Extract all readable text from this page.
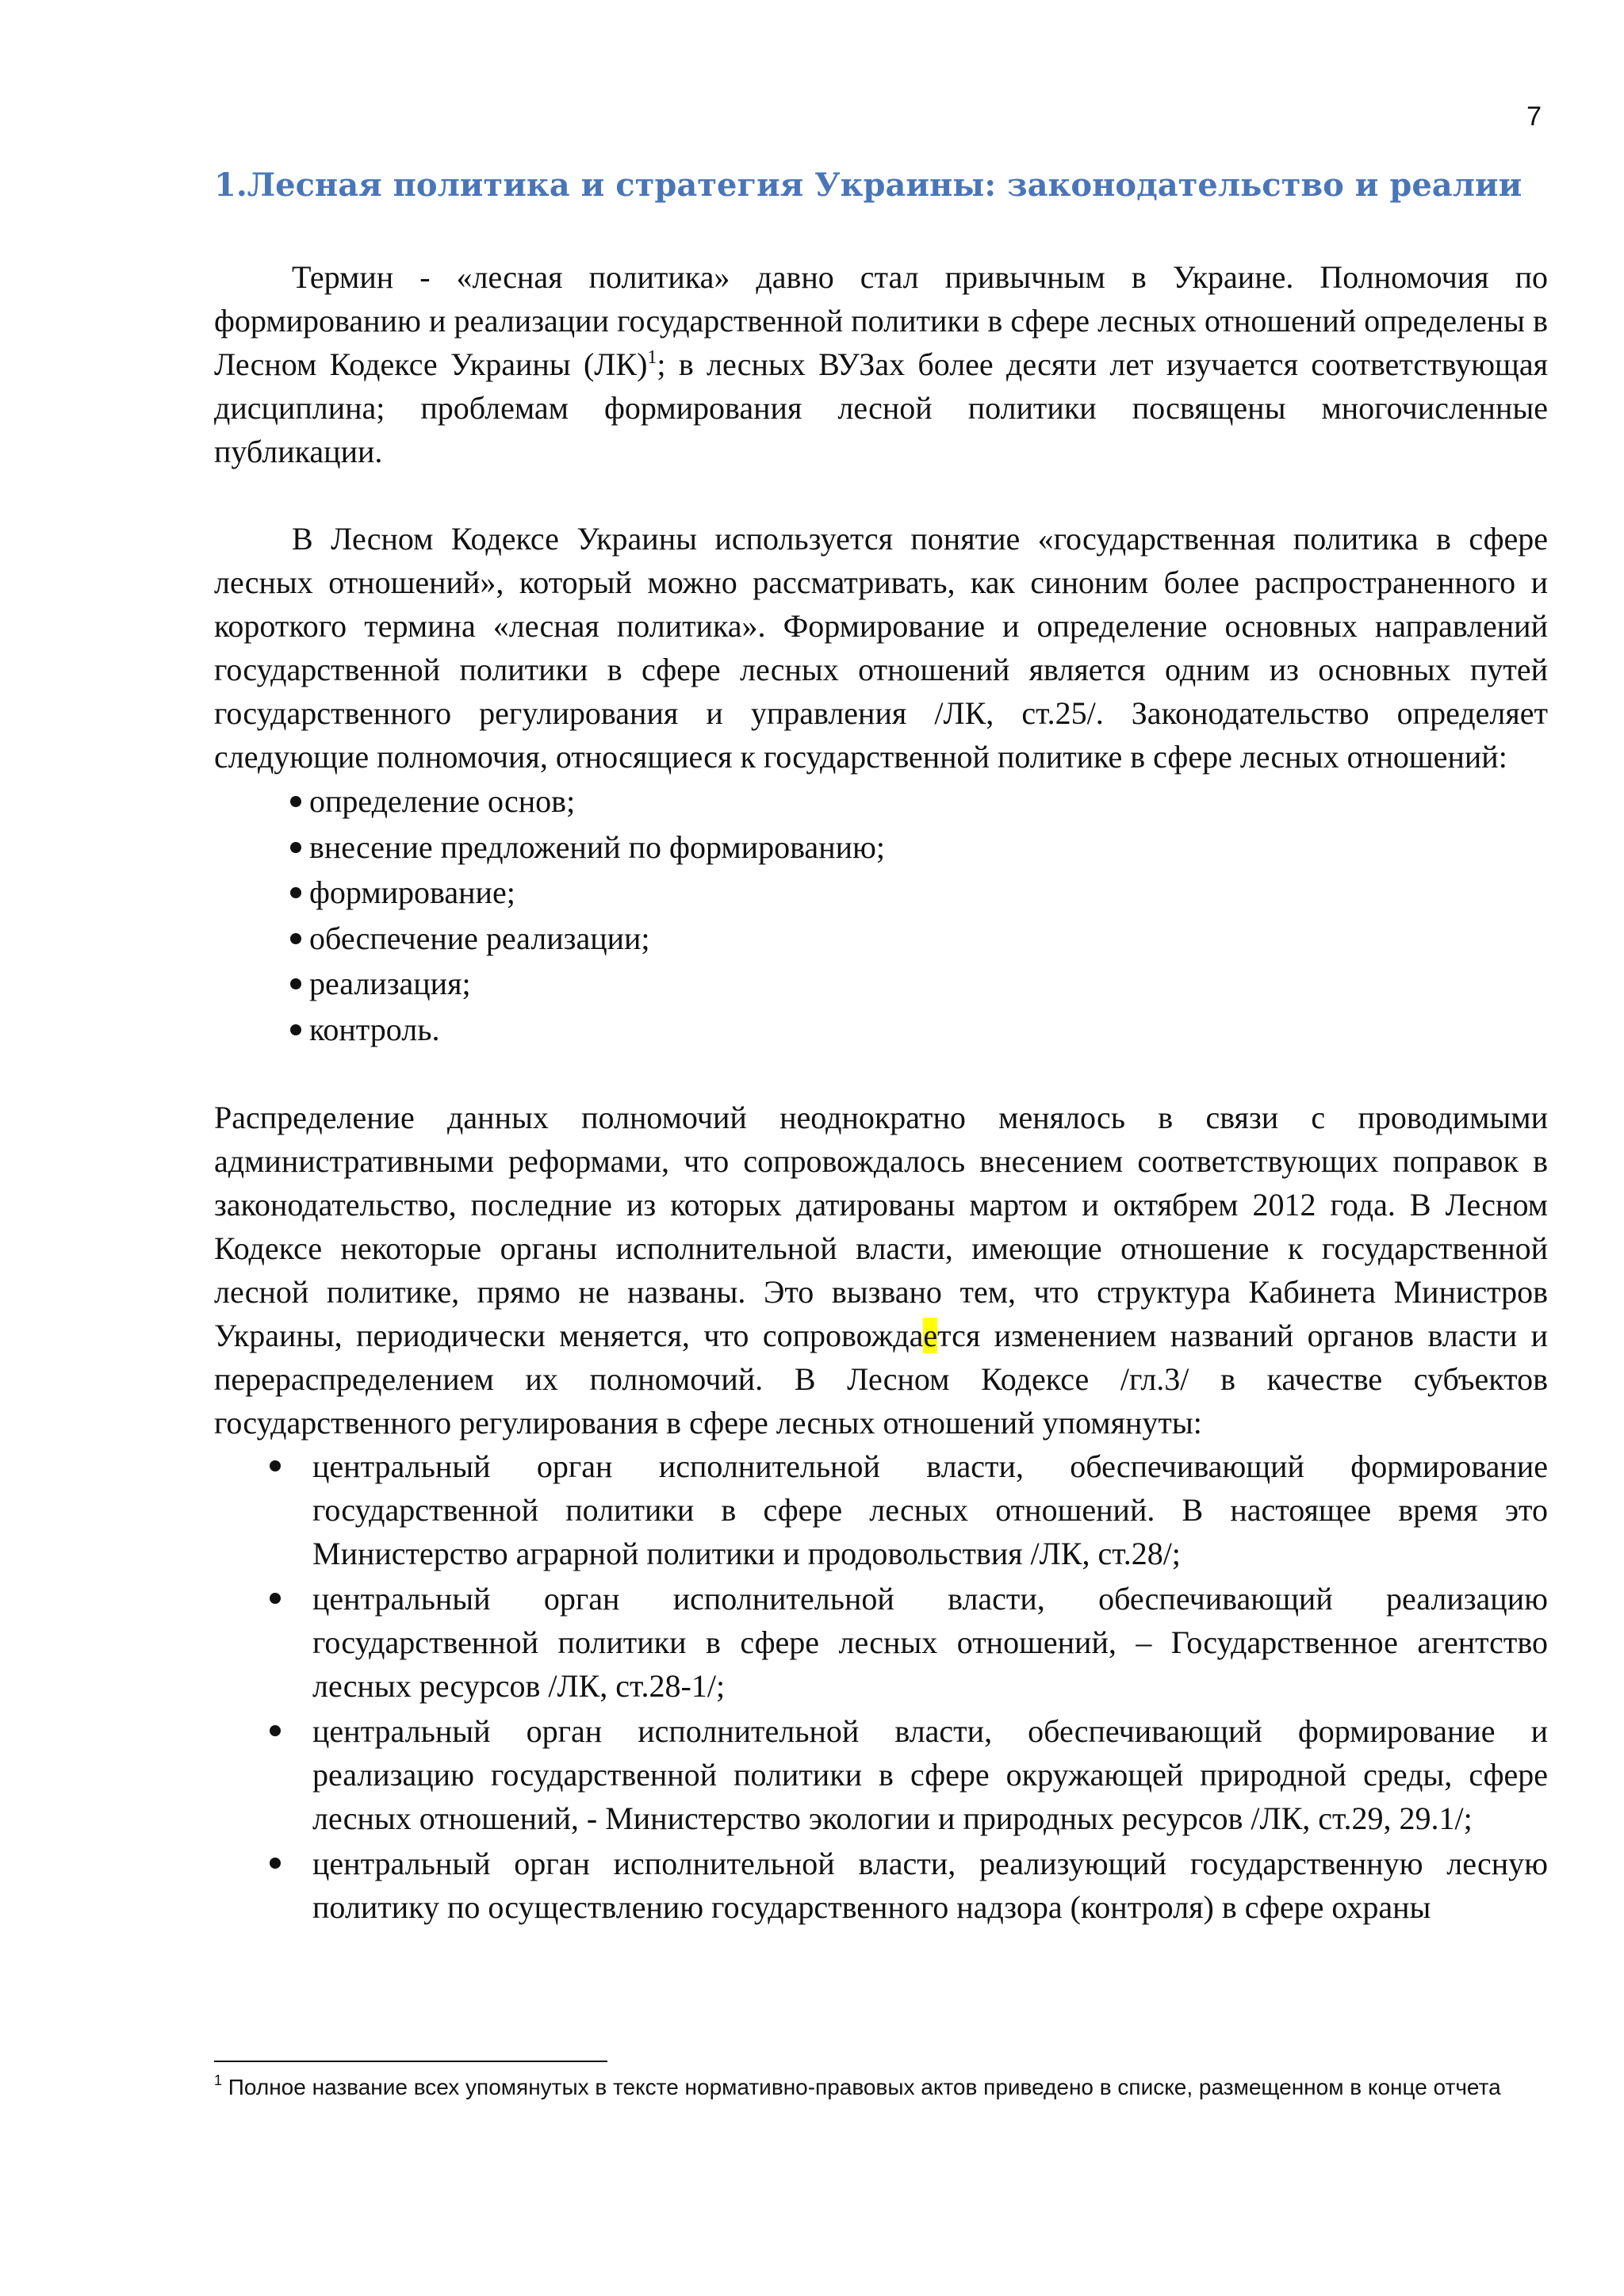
7
1.Лесная политика и стратегия Украины: законодательство и реалии

Термин - «лесная политика» давно стал привычным в Украине. Полномочия по формированию и реализации государственной политики в сфере лесных отношений определены в Лесном Кодексе Украины (ЛК)$^1$; в лесных ВУЗах более десяти лет изучается соответствующая дисциплина; проблемам формирования лесной политики посвящены многочисленные публикации.

В Лесном Кодексе Украины используется понятие «государственная политика в сфере лесных отношений», который можно рассматривать, как синоним более распространенного и короткого термина «лесная политика». Формирование и определение основных направлений государственной политики в сфере лесных отношений является одним из основных путей государственного регулирования и управления /ЛК, ст.25/. Законодательство определяет следующие полномочия, относящиеся к государственной политике в сфере лесных отношений:

определение основ;
внесение предложений по формированию;
формирование;
обеспечение реализации;
реализация;
контроль.

Распределение данных полномочий неоднократно менялось в связи с проводимыми административными реформами, что сопровождалось внесением соответствующих поправок в законодательство, последние из которых датированы мартом и октябрем 2012 года. В Лесном Кодексе некоторые органы исполнительной власти, имеющие отношение к государственной лесной политике, прямо не названы. Это вызвано тем, что структура Кабинета Министров Украины, периодически меняется, что сопровождается изменением названий органов власти и перераспределением их полномочий. В Лесном Кодексе /гл.3/ в качестве субъектов государственного регулирования в сфере лесных отношений упомянуты:

центральный орган исполнительной власти, обеспечивающий формирование государственной политики в сфере лесных отношений. В настоящее время это Министерство аграрной политики и продовольствия /ЛК, ст.28/;
центральный орган исполнительной власти, обеспечивающий реализацию государственной политики в сфере лесных отношений, – Государственное агентство лесных ресурсов /ЛК, ст.28-1/;
центральный орган исполнительной власти, обеспечивающий формирование и реализацию государственной политики в сфере окружающей природной среды, сфере лесных отношений, - Министерство экологии и природных ресурсов /ЛК, ст.29, 29.1/;
центральный орган исполнительной власти, реализующий государственную лесную политику по осуществлению государственного надзора (контроля) в сфере охраны
$^1$ Полное название всех упомянутых в тексте нормативно-правовых актов приведено в списке, размещенном в конце отчета
